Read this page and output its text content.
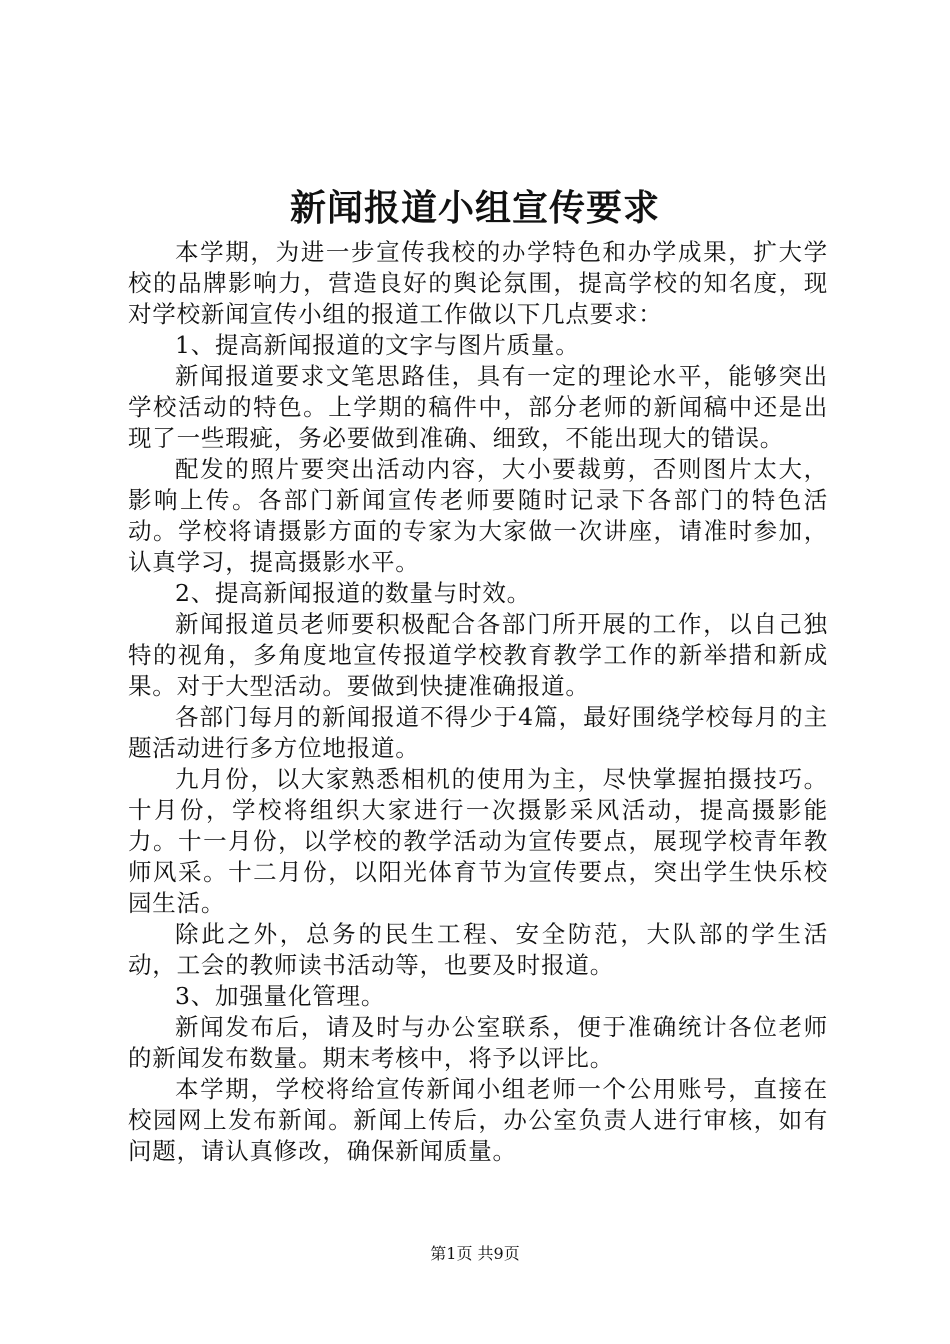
新闻报道小组宣传要求

本学期，为进一步宣传我校的办学特色和办学成果，扩大学校的品牌影响力，营造良好的舆论氛围，提高学校的知名度，现对学校新闻宣传小组的报道工作做以下几点要求：

1、提高新闻报道的文字与图片质量。

新闻报道要求文笔思路佳，具有一定的理论水平，能够突出学校活动的特色。上学期的稿件中，部分老师的新闻稿中还是出现了一些瑕疵，务必要做到准确、细致，不能出现大的错误。

配发的照片要突出活动内容，大小要裁剪，否则图片太大，影响上传。各部门新闻宣传老师要随时记录下各部门的特色活动。学校将请摄影方面的专家为大家做一次讲座，请准时参加，认真学习，提高摄影水平。

2、提高新闻报道的数量与时效。

新闻报道员老师要积极配合各部门所开展的工作，以自己独特的视角，多角度地宣传报道学校教育教学工作的新举措和新成果。对于大型活动。要做到快捷准确报道。

各部门每月的新闻报道不得少于4篇，最好围绕学校每月的主题活动进行多方位地报道。

九月份，以大家熟悉相机的使用为主，尽快掌握拍摄技巧。十月份，学校将组织大家进行一次摄影采风活动，提高摄影能力。十一月份，以学校的教学活动为宣传要点，展现学校青年教师风采。十二月份，以阳光体育节为宣传要点，突出学生快乐校园生活。

除此之外，总务的民生工程、安全防范，大队部的学生活动，工会的教师读书活动等，也要及时报道。

3、加强量化管理。

新闻发布后，请及时与办公室联系，便于准确统计各位老师的新闻发布数量。期末考核中，将予以评比。

本学期，学校将给宣传新闻小组老师一个公用账号，直接在校园网上发布新闻。新闻上传后，办公室负责人进行审核，如有问题，请认真修改，确保新闻质量。

第1页 共9页
